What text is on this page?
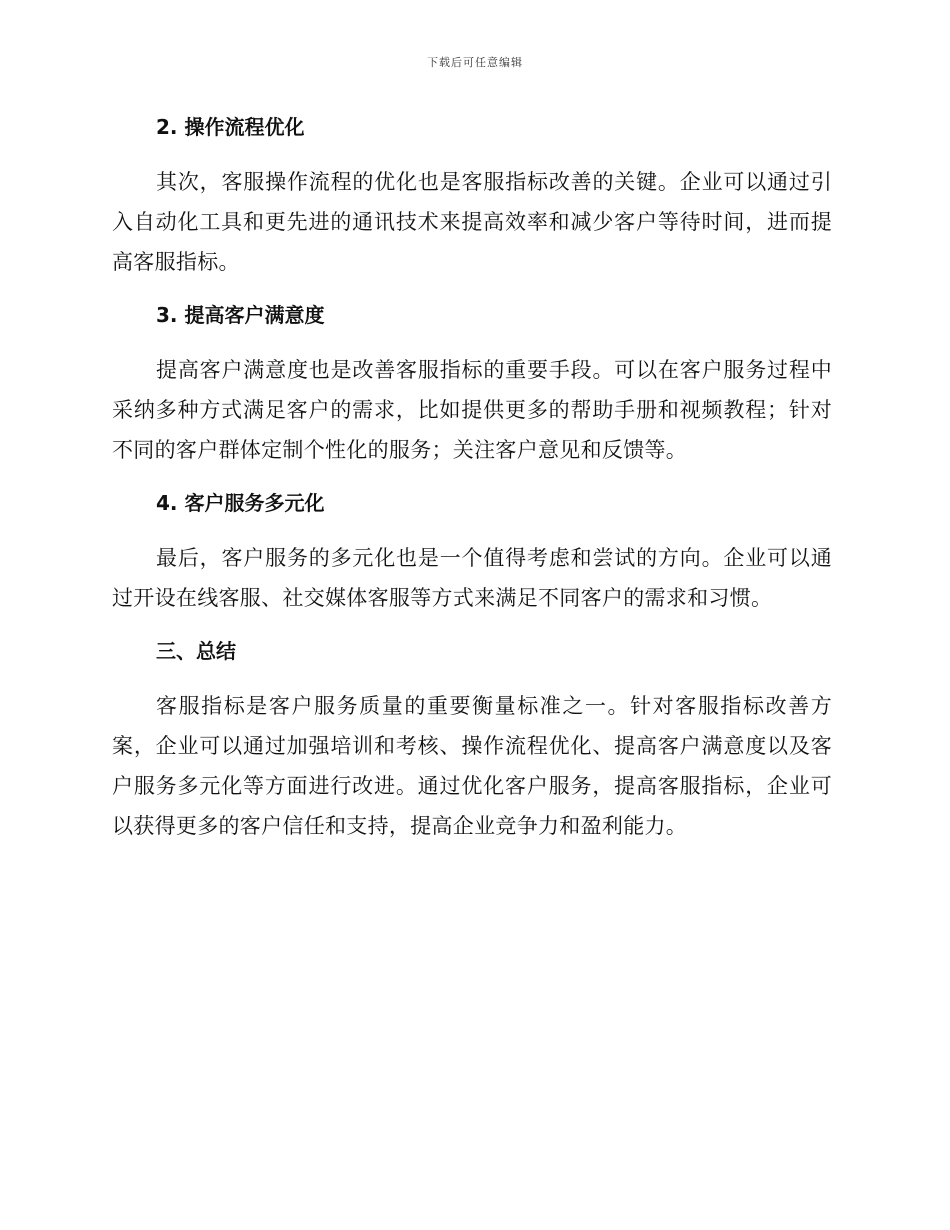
下载后可任意编辑
2. 操作流程优化

其次，客服操作流程的优化也是客服指标改善的关键。企业可以通过引入自动化工具和更先进的通讯技术来提高效率和减少客户等待时间，进而提高客服指标。

3. 提高客户满意度

提高客户满意度也是改善客服指标的重要手段。可以在客户服务过程中采纳多种方式满足客户的需求，比如提供更多的帮助手册和视频教程；针对不同的客户群体定制个性化的服务；关注客户意见和反馈等。

4. 客户服务多元化

最后，客户服务的多元化也是一个值得考虑和尝试的方向。企业可以通过开设在线客服、社交媒体客服等方式来满足不同客户的需求和习惯。

三、总结

客服指标是客户服务质量的重要衡量标准之一。针对客服指标改善方案，企业可以通过加强培训和考核、操作流程优化、提高客户满意度以及客户服务多元化等方面进行改进。通过优化客户服务，提高客服指标，企业可以获得更多的客户信任和支持，提高企业竞争力和盈利能力。
